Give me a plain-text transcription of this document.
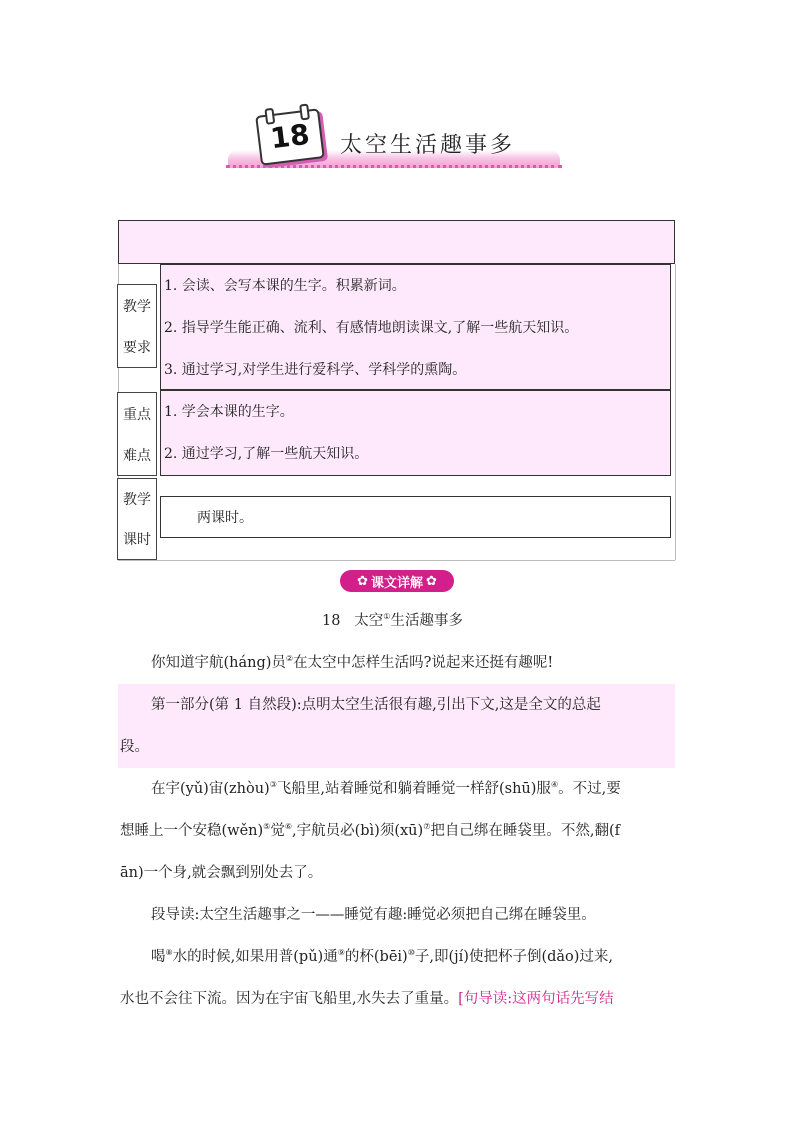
18	太空生活趣事多
教学
要求
1. 会读、会写本课的生字。积累新词。
2. 指导学生能正确、流利、有感情地朗读课文,了解一些航天知识。
3. 通过学习,对学生进行爱科学、学科学的熏陶。
重点
难点
1. 学会本课的生字。
2. 通过学习,了解一些航天知识。
教学
课时
两课时。
✿ 课文详解 ✿
18 太空①生活趣事多
你知道宇航(háng)员②在太空中怎样生活吗?说起来还挺有趣呢!
第一部分(第 1 自然段):点明太空生活很有趣,引出下文,这是全文的总起
段。
在宇(yǔ)宙(zhòu)③飞船里,站着睡觉和躺着睡觉一样舒(shū)服④。不过,要
想睡上一个安稳(wěn)⑤觉⑥,宇航员必(bì)须(xū)⑦把自己绑在睡袋里。不然,翻(f
ān)一个身,就会飘到别处去了。
段导读:太空生活趣事之一——睡觉有趣:睡觉必须把自己绑在睡袋里。
喝⑧水的时候,如果用普(pǔ)通⑨的杯(bēi)⑩子,即(jí)使把杯子倒(dǎo)过来,
水也不会往下流。因为在宇宙飞船里,水失去了重量。[句导读:这两句话先写结
